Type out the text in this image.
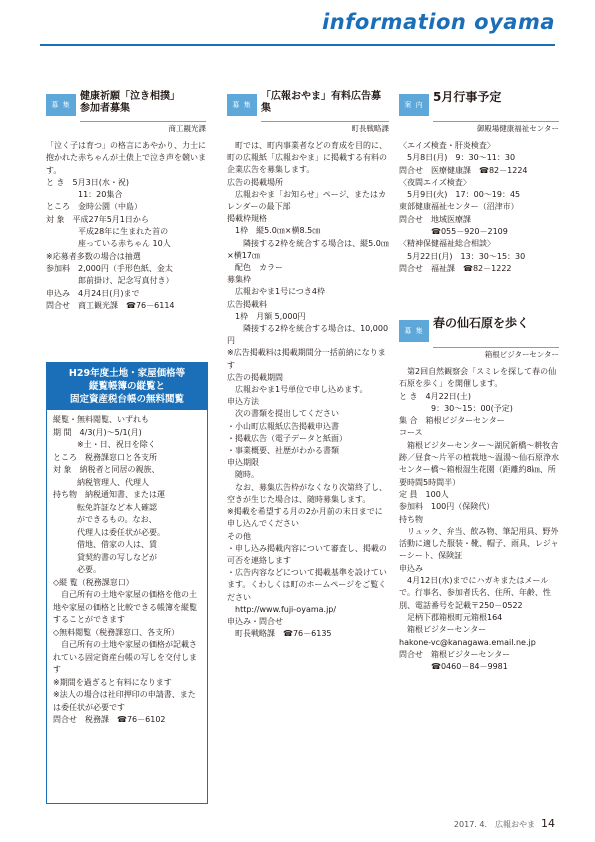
information oyama
募 集
健康祈願「泣き相撲」
参加者募集
商工観光課
「泣く子は育つ」の格言にあやかり、力士に抱かれた赤ちゃんが土俵上で泣き声を競います。
と き　5月3日(水・祝)
　　　　11：20集合
ところ　金時公園（中島）
対 象　平成27年5月1日から
　　　　平成28年に生まれた首の
　　　　座っている赤ちゃん 10人
※応募者多数の場合は抽選
参加料　2,000円（手形色紙、金太
　　　　郎前掛け、記念写真付き）
申込み　4月24日(月)まで
問合せ　商工観光課　☎76－6114
H29年度土地・家屋価格等
縦覧帳簿の縦覧と
固定資産税台帳の無料閲覧
縦覧・無料閲覧、いずれも
期 間　4/3(月)～5/1(月)
　　　※土・日、祝日を除く
ところ　税務課窓口と各支所
対 象　納税者と同居の親族、
　　　納税管理人、代理人
持ち物　納税通知書、または運
　　　転免許証など本人確認
　　　ができるもの。なお、
　　　代理人は委任状が必要。
　　　借地、借家の人は、賃
　　　貸契約書の写しなどが
　　　必要。
◇縦 覧（税務課窓口）
　自己所有の土地や家屋の価格を他の土地や家屋の価格と比較できる帳簿を縦覧することができます
◇無料閲覧（税務課窓口、各支所）
　自己所有の土地や家屋の価格が記載されている固定資産台帳の写しを交付します
※期間を過ぎると有料になります
※法人の場合は社印押印の申請書、または委任状が必要です
問合せ　税務課　☎76－6102
募 集
「広報おやま」有料広告募集
町長戦略課
　町では、町内事業者などの育成を目的に、町の広報紙「広報おやま」に掲載する有料の企業広告を募集します。
広告の掲載場所
　広報おやま「お知らせ」ページ、またはカレンダーの最下部
掲載枠規格
　1枠　縦5.0㎝×横8.5㎝
　　隣接する2枠を統合する場合は、縦5.0㎝×横17㎝
　配色　カラー
募集枠
　広報おやま1号につき4枠
広告掲載料
　1枠　月額 5,000円
　　隣接する2枠を統合する場合は、10,000円
※広告掲載料は掲載期間分一括前納になります
広告の掲載期間
　広報おやま1号単位で申し込めます。
申込方法
　次の書類を提出してください
・小山町広報紙広告掲載申込書
・掲載広告（電子データと紙面）
・事業概要、社歴がわかる書類
申込期限
　随時。
　なお、募集広告枠がなくなり次第終了し、空きが生じた場合は、随時募集します。
※掲載を希望する月の2か月前の末日までに申し込んでください
その他
・申し込み掲載内容について審査し、掲載の可否を連絡します
・広告内容などについて掲載基準を設けています。くわしくは町のホームページをご覧ください
　http://www.fuji-oyama.jp/
申込み・問合せ
　町長戦略課　☎76－6135
案 内
5月行事予定
御殿場健康福祉センター
〈エイズ検査・肝炎検査〉
　5月8日(月)　9：30～11：30
問合せ　医療健康課　☎82－1224
〈夜間エイズ検査〉
　5月9日(火)　17：00～19：45
東部健康福祉センター（沼津市）
問合せ　地域医療課
　　　　☎055－920－2109
〈精神保健福祉総合相談〉
　5月22日(月)　13：30～15：30
問合せ　福祉課　☎82－1222
募 集
春の仙石原を歩く
箱根ビジターセンター
　第2回自然観察会「スミレを探して春の仙石原を歩く」を開催します。
と き　4月22日(土)
　　　　9：30～15：00(予定)
集 合　箱根ビジターセンター
コース
　箱根ビジターセンター～湖尻新橋～耕牧舎跡／昼食～片平の植栽地～温湯～仙石原浄水センター橋～箱根湿生花園（距離約8㎞、所要時間5時間半）
定 員　100人
参加料　100円（保険代）
持ち物
　リュック、弁当、飲み物、筆記用具、野外活動に適した服装・靴、帽子、雨具、レジャーシート、保険証
申込み
　4月12日(水)までにハガキまたはメールで。行事名、参加者氏名、住所、年齢、性別、電話番号を記載〒250－0522
　足柄下郡箱根町元箱根164
　箱根ビジターセンター
hakone-vc@kanagawa.email.ne.jp
問合せ　箱根ビジターセンター
　　　　☎0460－84－9981
2017. 4.　広報おやま 14
